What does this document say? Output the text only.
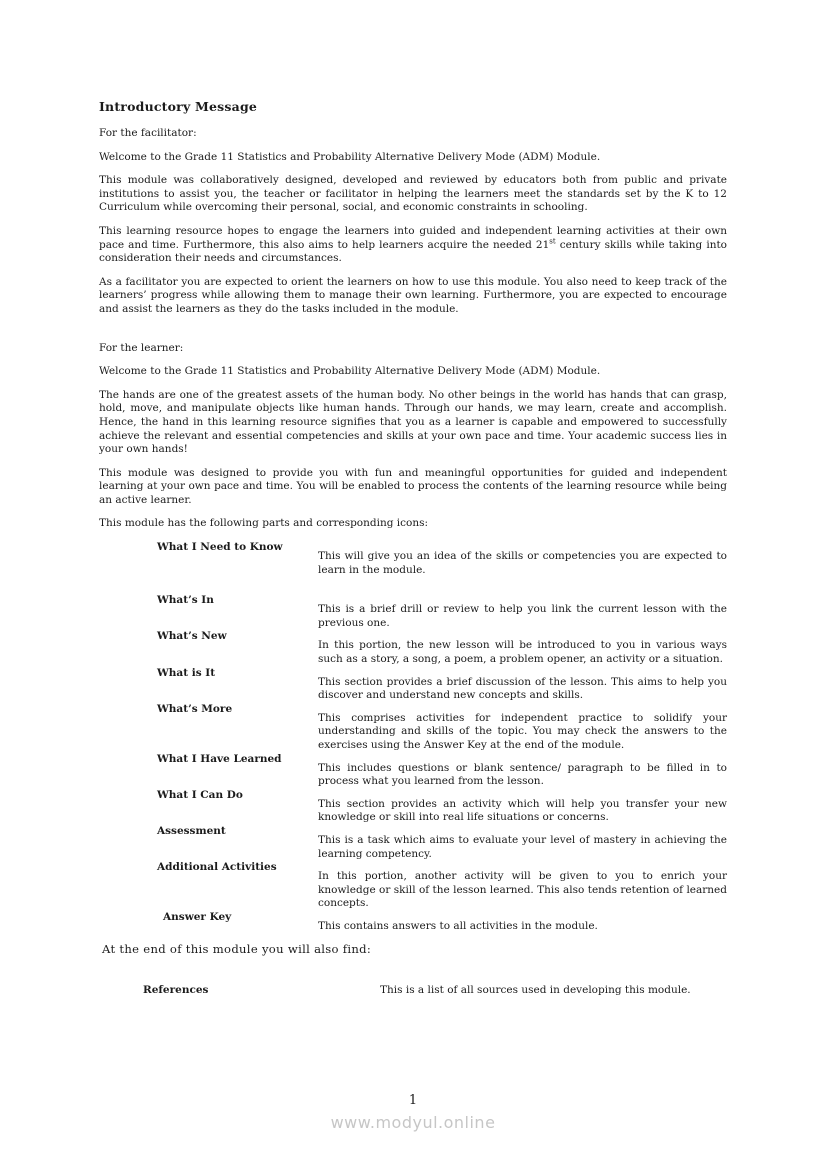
Introductory Message

For the facilitator:

Welcome to the Grade 11 Statistics and Probability Alternative Delivery Mode (ADM) Module.

This module was collaboratively designed, developed and reviewed by educators both from public and private institutions to assist you, the teacher or facilitator in helping the learners meet the standards set by the K to 12 Curriculum while overcoming their personal, social, and economic constraints in schooling.

This learning resource hopes to engage the learners into guided and independent learning activities at their own pace and time. Furthermore, this also aims to help learners acquire the needed 21st century skills while taking into consideration their needs and circumstances.

As a facilitator you are expected to orient the learners on how to use this module. You also need to keep track of the learners’ progress while allowing them to manage their own learning. Furthermore, you are expected to encourage and assist the learners as they do the tasks included in the module.

For the learner:

Welcome to the Grade 11 Statistics and Probability Alternative Delivery Mode (ADM) Module.

The hands are one of the greatest assets of the human body. No other beings in the world has hands that can grasp, hold, move, and manipulate objects like human hands. Through our hands, we may learn, create and accomplish. Hence, the hand in this learning resource signifies that you as a learner is capable and empowered to successfully achieve the relevant and essential competencies and skills at your own pace and time. Your academic success lies in your own hands!

This module was designed to provide you with fun and meaningful opportunities for guided and independent learning at your own pace and time. You will be enabled to process the contents of the learning resource while being an active learner.

This module has the following parts and corresponding icons:

What I Need to Know
This will give you an idea of the skills or competencies you are expected to learn in the module.
What’s In
This is a brief drill or review to help you link the current lesson with the previous one.
What’s New
In this portion, the new lesson will be introduced to you in various ways such as a story, a song, a poem, a problem opener, an activity or a situation.
What is It
This section provides a brief discussion of the lesson. This aims to help you discover and understand new concepts and skills.
What’s More
This comprises activities for independent practice to solidify your understanding and skills of the topic. You may check the answers to the exercises using the Answer Key at the end of the module.
What I Have Learned
This includes questions or blank sentence/ paragraph to be filled in to process what you learned from the lesson.
What I Can Do
This section provides an activity which will help you transfer your new knowledge or skill into real life situations or concerns.
Assessment
This is a task which aims to evaluate your level of mastery in achieving the learning competency.
Additional Activities
In this portion, another activity will be given to you to enrich your knowledge or skill of the lesson learned. This also tends retention of learned concepts.
Answer Key
This contains answers to all activities in the module.

At the end of this module you will also find:

References	This is a list of all sources used in developing this module.
1
www.modyul.online
